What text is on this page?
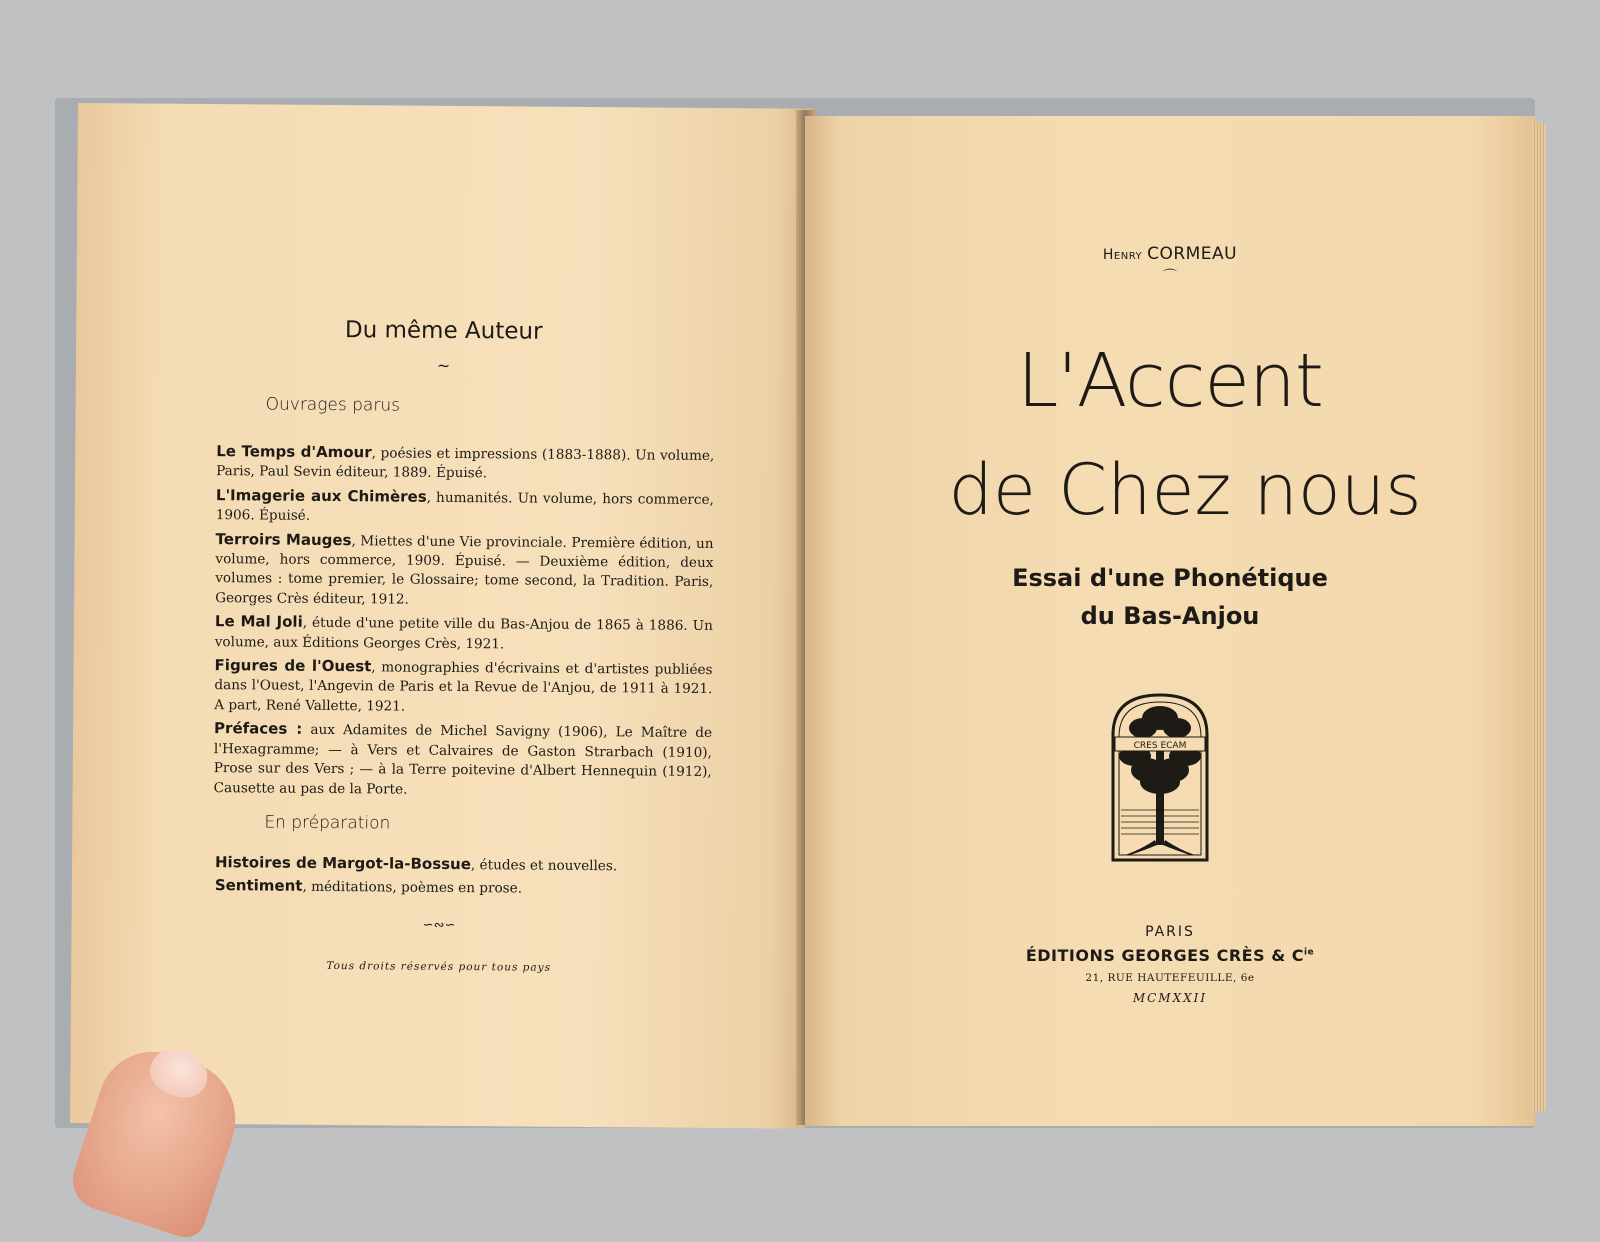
Du même Auteur
~
Ouvrages parus
Le Temps d'Amour, poésies et impressions (1883-1888). Un volume, Paris, Paul Sevin éditeur, 1889. Épuisé.
L'Imagerie aux Chimères, humanités. Un volume, hors commerce, 1906. Épuisé.
Terroirs Mauges, Miettes d'une Vie provinciale. Première édition, un volume, hors commerce, 1909. Épuisé. — Deuxième édition, deux volumes : tome premier, le Glossaire; tome second, la Tradition. Paris, Georges Crès éditeur, 1912.
Le Mal Joli, étude d'une petite ville du Bas-Anjou de 1865 à 1886. Un volume, aux Éditions Georges Crès, 1921.
Figures de l'Ouest, monographies d'écrivains et d'artistes publiées dans l'Ouest, l'Angevin de Paris et la Revue de l'Anjou, de 1911 à 1921. A part, René Vallette, 1921.
Préfaces : aux Adamites de Michel Savigny (1906), Le Maître de l'Hexagramme; — à Vers et Calvaires de Gaston Strarbach (1910), Prose sur des Vers ; — à la Terre poitevine d'Albert Hennequin (1912), Causette au pas de la Porte.
En préparation
Histoires de Margot-la-Bossue, études et nouvelles.
Sentiment, méditations, poèmes en prose.
∽∾∽
Tous droits réservés pour tous pays
Henry CORMEAU
⌒
L'Accent
de Chez nous
Essai d'une Phonétique
du Bas-Anjou
CRES ECAM
PARIS
ÉDITIONS GEORGES CRÈS & $C^{ie}$
21, RUE HAUTEFEUILLE, 6e
MCMXXII
